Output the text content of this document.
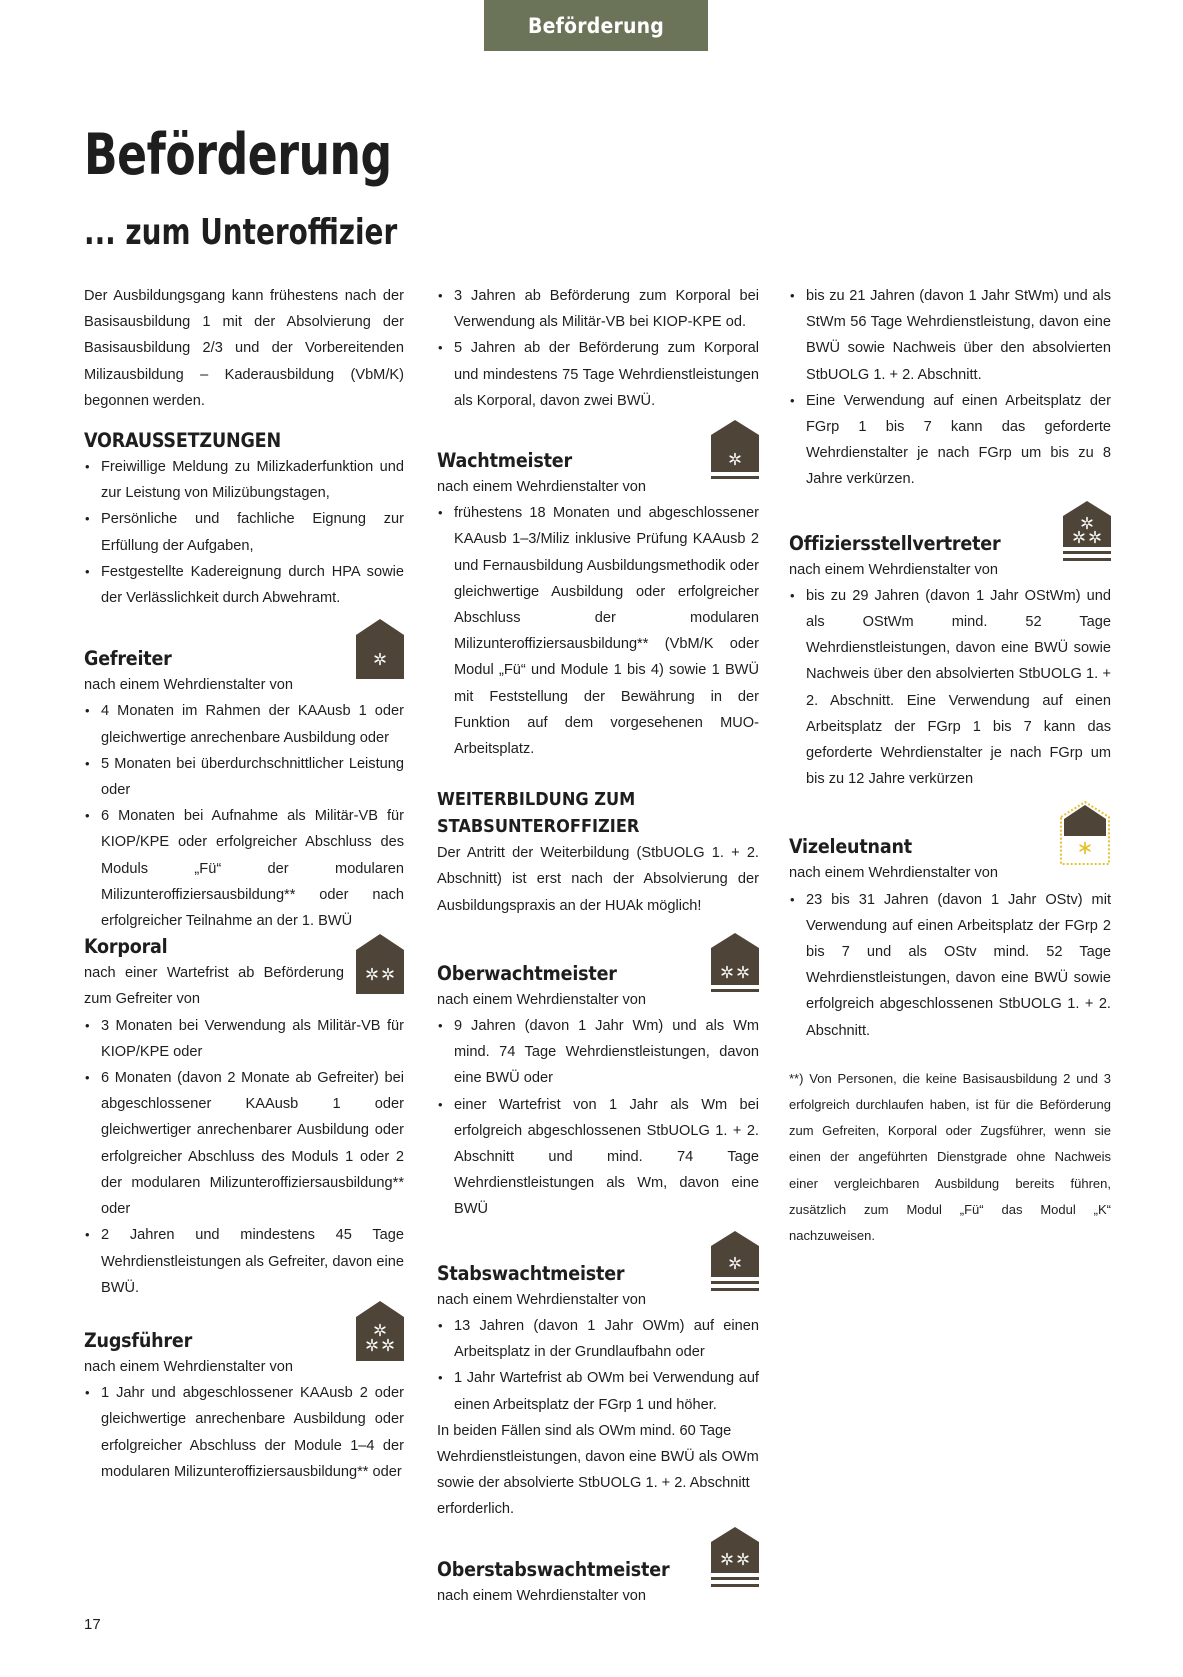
Beförderung
Beförderung
... zum Unteroffizier

Der Ausbildungsgang kann frühestens nach der Basisausbildung 1 mit der Absolvierung der Basisausbildung 2/3 und der Vorbereitenden Milizausbildung – Kaderausbildung (VbM/K) begonnen werden.

VORAUSSETZUNGEN
• Freiwillige Meldung zu Milizkaderfunktion und zur Leistung von Milizübungstagen,
• Persönliche und fachliche Eignung zur Erfüllung der Aufgaben,
• Festgestellte Kadereignung durch HPA sowie der Verlässlichkeit durch Abwehramt.
Gefreiter

nach einem Wehrdienstalter von

• 4 Monaten im Rahmen der KAAusb 1 oder gleichwertige anrechenbare Ausbildung oder
• 5 Monaten bei überdurchschnittlicher Leistung oder
• 6 Monaten bei Aufnahme als Militär-VB für KIOP/KPE oder erfolgreicher Abschluss des Moduls „Fü“ der modularen Milizunteroffiziersausbildung** oder nach erfolgreicher Teilnahme an der 1. BWÜ
Korporal

nach einer Wartefrist ab Beförderung zum Gefreiter von

• 3 Monaten bei Verwendung als Militär-VB für KIOP/KPE oder
• 6 Monaten (davon 2 Monate ab Gefreiter) bei abgeschlossener KAAusb 1 oder gleichwertiger anrechenbarer Ausbildung oder erfolgreicher Abschluss des Moduls 1 oder 2 der modularen Milizunteroffiziersausbildung** oder
• 2 Jahren und mindestens 45 Tage Wehrdienstleistungen als Gefreiter, davon eine BWÜ.
Zugsführer

nach einem Wehrdienstalter von

• 1 Jahr und abgeschlossener KAAusb 2 oder gleichwertige anrechenbare Ausbildung oder erfolgreicher Abschluss der Module 1–4 der modularen Milizunteroffiziersausbildung** oder
• 3 Jahren ab Beförderung zum Korporal bei Verwendung als Militär-VB bei KIOP-KPE od.
• 5 Jahren ab der Beförderung zum Korporal und mindestens 75 Tage Wehrdienstleistungen als Korporal, davon zwei BWÜ.
Wachtmeister

nach einem Wehrdienstalter von

• frühestens 18 Monaten und abgeschlossener KAAusb 1–3/Miliz inklusive Prüfung KAAusb 2 und Fernausbildung Ausbildungsmethodik oder gleichwertige Ausbildung oder erfolgreicher Abschluss der modularen Milizunteroffiziersausbildung** (VbM/K oder Modul „Fü“ und Module 1 bis 4) sowie 1 BWÜ mit Feststellung der Bewährung in der Funktion auf dem vorgesehenen MUO-Arbeitsplatz.
WEITERBILDUNG ZUM
STABSUNTEROFFIZIER

Der Antritt der Weiterbildung (StbUOLG 1. + 2. Abschnitt) ist erst nach der Absolvierung der Ausbildungspraxis an der HUAk möglich!

Oberwachtmeister

nach einem Wehrdienstalter von

• 9 Jahren (davon 1 Jahr Wm) und als Wm mind. 74 Tage Wehrdienstleistungen, davon eine BWÜ oder
• einer Wartefrist von 1 Jahr als Wm bei erfolgreich abgeschlossenen StbUOLG 1. + 2. Abschnitt und mind. 74 Tage Wehrdienstleistungen als Wm, davon eine BWÜ
Stabswachtmeister

nach einem Wehrdienstalter von

• 13 Jahren (davon 1 Jahr OWm) auf einen Arbeitsplatz in der Grundlaufbahn oder
• 1 Jahr Wartefrist ab OWm bei Verwendung auf einen Arbeitsplatz der FGrp 1 und höher.

In beiden Fällen sind als OWm mind. 60 Tage Wehrdienstleistungen, davon eine BWÜ als OWm sowie der absolvierte StbUOLG 1. + 2. Abschnitt erforderlich.

Oberstabswachtmeister

nach einem Wehrdienstalter von

• bis zu 21 Jahren (davon 1 Jahr StWm) und als StWm 56 Tage Wehrdienstleistung, davon eine BWÜ sowie Nachweis über den absolvierten StbUOLG 1. + 2. Abschnitt.
• Eine Verwendung auf einen Arbeitsplatz der FGrp 1 bis 7 kann das geforderte Wehrdienstalter je nach FGrp um bis zu 8 Jahre verkürzen.
Offiziersstellvertreter

nach einem Wehrdienstalter von

• bis zu 29 Jahren (davon 1 Jahr OStWm) und als OStWm mind. 52 Tage Wehrdienstleistungen, davon eine BWÜ sowie Nachweis über den absolvierten StbUOLG 1. + 2. Abschnitt. Eine Verwendung auf einen Arbeitsplatz der FGrp 1 bis 7 kann das geforderte Wehrdienstalter je nach FGrp um bis zu 12 Jahre verkürzen
Vizeleutnant

nach einem Wehrdienstalter von

• 23 bis 31 Jahren (davon 1 Jahr OStv) mit Verwendung auf einen Arbeitsplatz der FGrp 2 bis 7 und als OStv mind. 52 Tage Wehrdienstleistungen, davon eine BWÜ sowie erfolgreich abgeschlossenen StbUOLG 1. + 2. Abschnitt.

**) Von Personen, die keine Basisausbildung 2 und 3 erfolgreich durchlaufen haben, ist für die Beförderung zum Gefreiten, Korporal oder Zugsführer, wenn sie einen der angeführten Dienstgrade ohne Nachweis einer vergleichbaren Ausbildung bereits führen, zusätzlich zum Modul „Fü“ das Modul „K“ nachzuweisen.

17
